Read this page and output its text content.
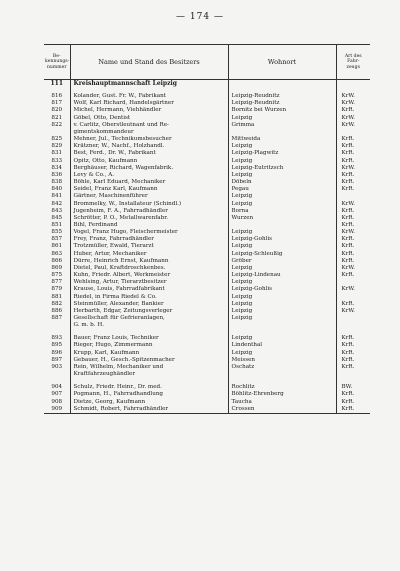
— 174 —
Be-
kennungs-
nummer	Name und Stand des Besitzers	Wohnort	Art des
Fahr-
zeugs
111	Kreishauptmannschaft Leipzig		

816	Kolander, Gust. Fr. W., Fabrikant	Leipzig-Reudnitz	KrW.
817	Wolf, Karl Richard, Handelsgärtner	Leipzig-Reudnitz	KrW.
820	Michel, Hermann, Viehhändler	Bornitz bei Wurzen	KrR.
821	Göbel, Otto, Dentist	Leipzig	KrW.
822	v. Carlitz, Oberstleutnant und Re-	Grimma	KrW.
	gimentskommandeur		
825	Mehner, Jul., Technikumsbesucher	Mittweida	KrR.
829	Krätzner, W., Nachf., Holzhandl.	Leipzig	KrR.
831	Best, Ferd., Dr. W., Fabrikant	Leipzig-Plagwitz	KrR.
833	Opitz, Otto, Kaufmann	Leipzig	KrR.
834	Berghäuser, Richard, Wagenfabrik.	Leipzig-Eutritzsch	KrW.
836	Levy & Co., A.	Leipzig	KrR.
838	Böhle, Karl Eduard, Mechaniker	Döbeln	KrR.
840	Seidel, Franz Karl, Kaufmann	Pegau	KrR.
841	Gärtner, Maschinenführer	Leipzig	
842	Brommelky, W., Installateur (Schindl.)	Leipzig	KrW.
843	Jugenheim, F. A., Fahrradhändler	Borna	KrR.
845	Schrötter, P. O., Metallwarenfabr.	Wurzen	KrR.
851	Bihl, Ferdinand		KrR.
855	Vogel, Franz Hugo, Fleischermeister	Leipzig	KrW.
857	Frey, Franz, Fahrradhändler	Leipzig-Gohlis	KrR.
861	Trotzmüller, Ewald, Tierarzt	Leipzig	KrR.
863	Huber, Artur, Mechaniker	Leipzig-Schleußig	KrR.
866	Dürre, Heinrich Ernst, Kaufmann	Gröber	KrR.
869	Dietel, Paul, Kraftdroschkenbes.	Leipzig	KrW.
875	Kuhn, Friedr. Albert, Werkmeister	Leipzig-Lindenau	KrR.
877	Wehlsing, Artur, Tierarztbesitzer	Leipzig	
879	Krause, Louis, Fahrradfabrikant	Leipzig-Gohlis	KrW.
881	Riedel, in Firma Riedel & Co.	Leipzig	
882	Steinmüller, Alexander, Bankier	Leipzig	KrR.
886	Herbarth, Edgar, Zeitungsverleger	Leipzig	KrW.
887	Gesellschaft für Gefrieranlagen,	Leipzig	
	G. m. b. H.		

893	Bauer, Franz Louis, Techniker	Leipzig	KrR.
895	Rieger, Hugo, Zimmermann	Lindenthal	KrR.
896	Krupp, Karl, Kaufmann	Leipzig	KrR.
897	Gebauer, H., Gesch.-Spitzenmacher	Meissen	KrR.
903	Rein, Wilhelm, Mechaniker und	Oschatz	KrR.
	Kraftfahrzeughändler		

904	Schulz, Friedr. Heinr., Dr. med.	Rochlitz	BW.
907	Pogmann, H., Fahrradhandlung	Böhlitz-Ehrenberg	KrR.
908	Dietze, Georg, Kaufmann	Taucha	KrR.
909	Schmidt, Robert, Fahrradhändler	Crossen	KrR.
